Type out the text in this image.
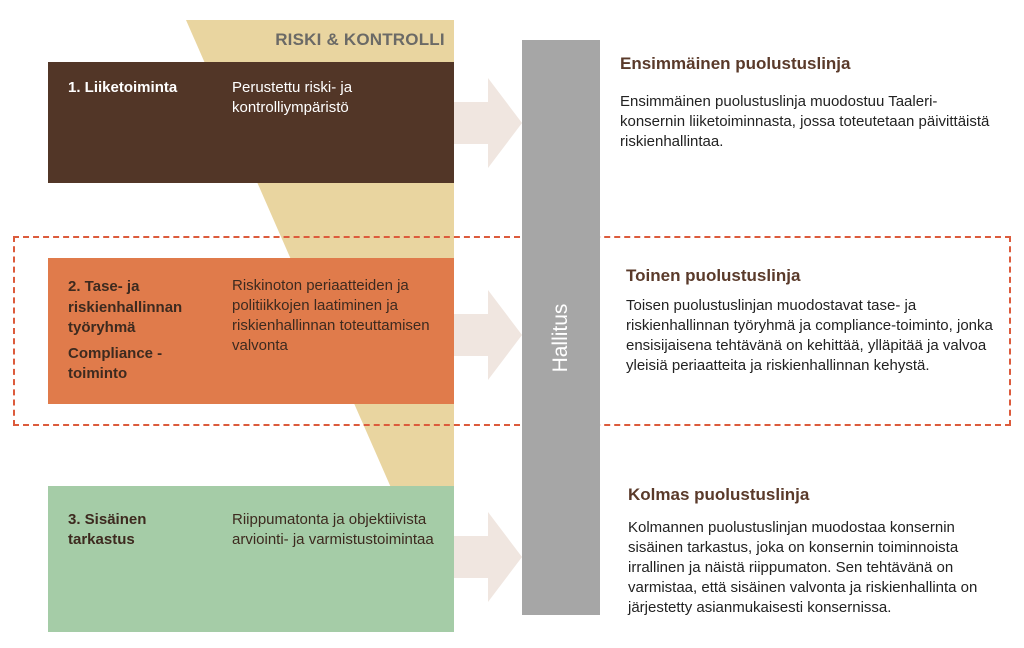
RISKI & KONTROLLI
1. Liiketoiminta	Perustettu riski- ja kontrolliympäristö
2. Tase- ja riskienhallinnan työryhmä
Compliance -toiminto
Riskinoton periaatteiden ja politiikkojen laatiminen ja riskienhallinnan toteuttamisen valvonta
3. Sisäinen tarkastus
Riippumatonta ja objektiivista arviointi- ja varmistustoimintaa
Hallitus
Ensimmäinen puolustuslinja
Ensimmäinen puolustuslinja muodostuu Taaleri-konsernin liiketoiminnasta, jossa toteutetaan päivittäistä riskienhallintaa.
Toinen puolustuslinja
Toisen puolustuslinjan muodostavat tase- ja riskienhallinnan työryhmä ja compliance-toiminto, jonka ensisijaisena tehtävänä on kehittää, ylläpitää ja valvoa yleisiä periaatteita ja riskienhallinnan kehystä.
Kolmas puolustuslinja
Kolmannen puolustuslinjan muodostaa konsernin sisäinen tarkastus, joka on konsernin toiminnoista irrallinen ja näistä riippumaton. Sen tehtävänä on varmistaa, että sisäinen valvonta ja riskienhallinta on järjestetty asianmukaisesti konsernissa.
